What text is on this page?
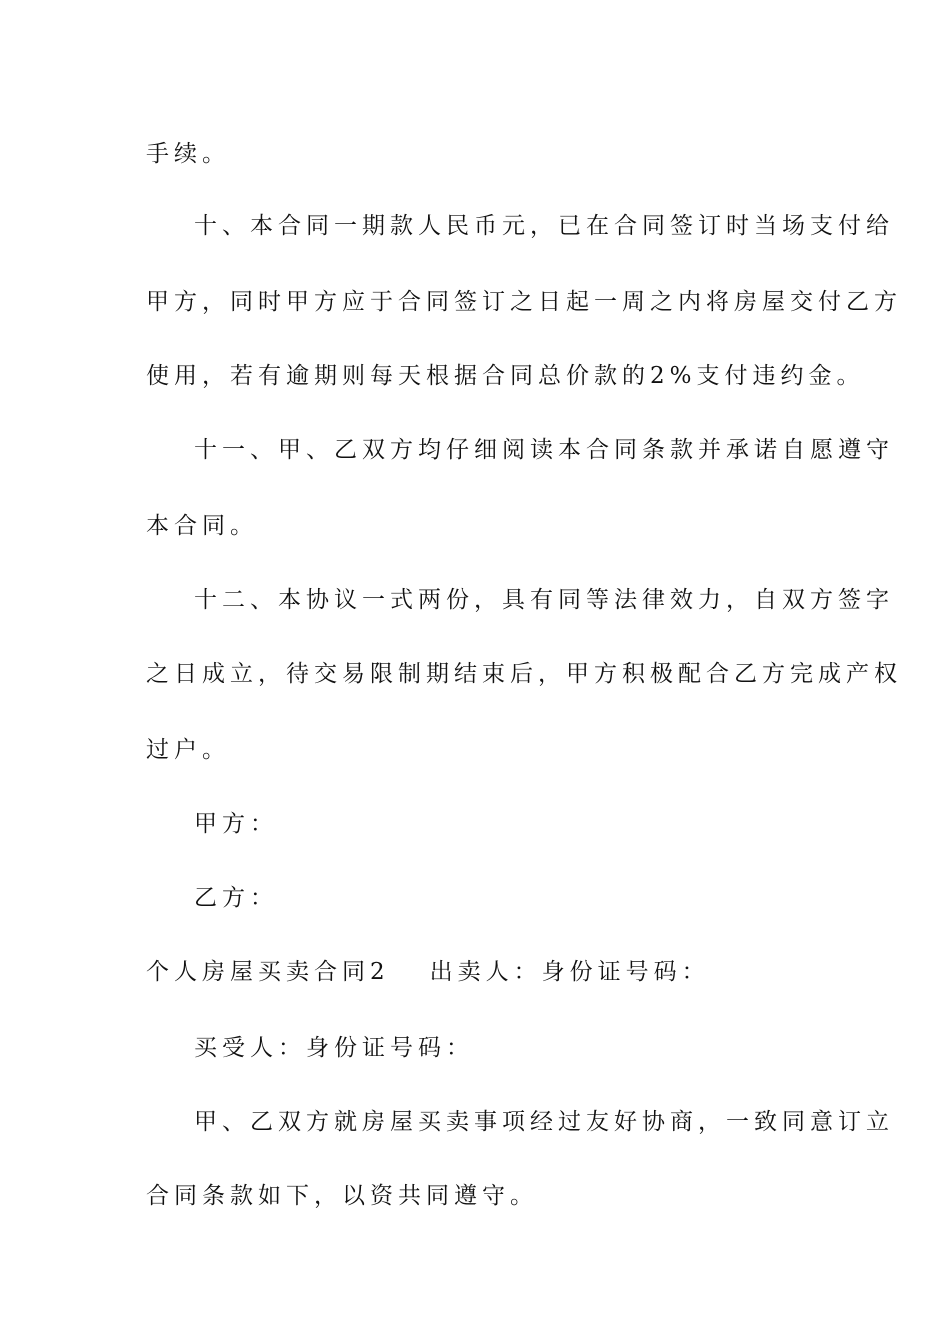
手续。
十、本合同一期款人民币元，已在合同签订时当场支付给
甲方，同时甲方应于合同签订之日起一周之内将房屋交付乙方
使用，若有逾期则每天根据合同总价款的2%支付违约金。
十一、甲、乙双方均仔细阅读本合同条款并承诺自愿遵守
本合同。
十二、本协议一式两份，具有同等法律效力，自双方签字
之日成立，待交易限制期结束后，甲方积极配合乙方完成产权
过户。
甲方：
乙方：
个人房屋买卖合同2 出卖人：身份证号码：
买受人：身份证号码：
甲、乙双方就房屋买卖事项经过友好协商，一致同意订立
合同条款如下，以资共同遵守。
